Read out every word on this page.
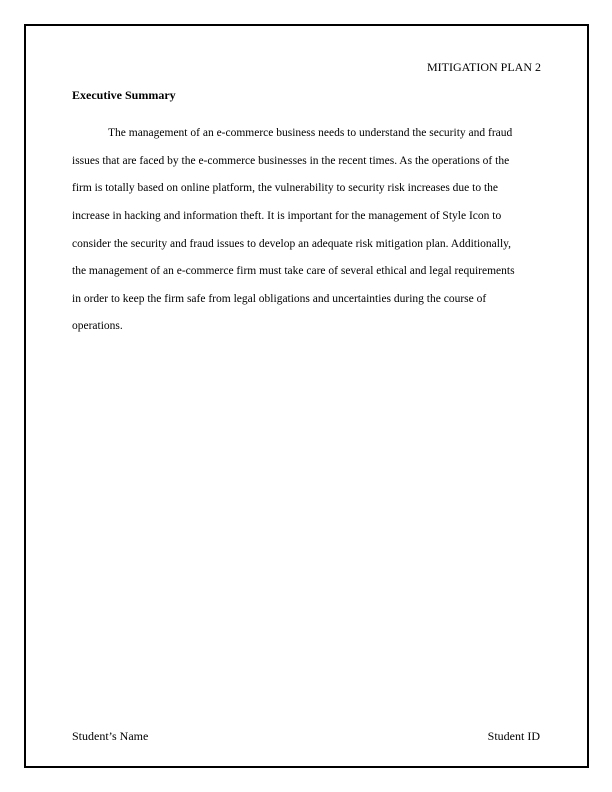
MITIGATION PLAN 2
Executive Summary
The management of an e-commerce business needs to understand the security and fraud
issues that are faced by the e-commerce businesses in the recent times. As the operations of the
firm is totally based on online platform, the vulnerability to security risk increases due to the
increase in hacking and information theft. It is important for the management of Style Icon to
consider the security and fraud issues to develop an adequate risk mitigation plan. Additionally,
the management of an e-commerce firm must take care of several ethical and legal requirements
in order to keep the firm safe from legal obligations and uncertainties during the course of
operations.
Student’s Name	Student ID
